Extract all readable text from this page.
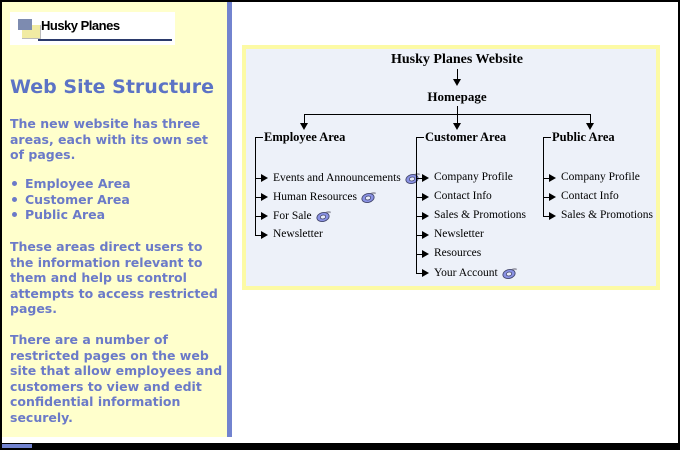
Husky Planes
Web Site Structure

The new website has three areas, each with its own set of pages.

Employee Area
Customer Area
Public Area

These areas direct users to the information relevant to them and help us control attempts to access restricted pages.

There are a number of restricted pages on the web site that allow employees and customers to view and edit confidential information securely.

Husky Planes Website
Homepage
Employee Area
Events and Announcements
Human Resources
For Sale
Newsletter
Customer Area
Company Profile
Contact Info
Sales & Promotions
Newsletter
Resources
Your Account
Public Area
Company Profile
Contact Info
Sales & Promotions
